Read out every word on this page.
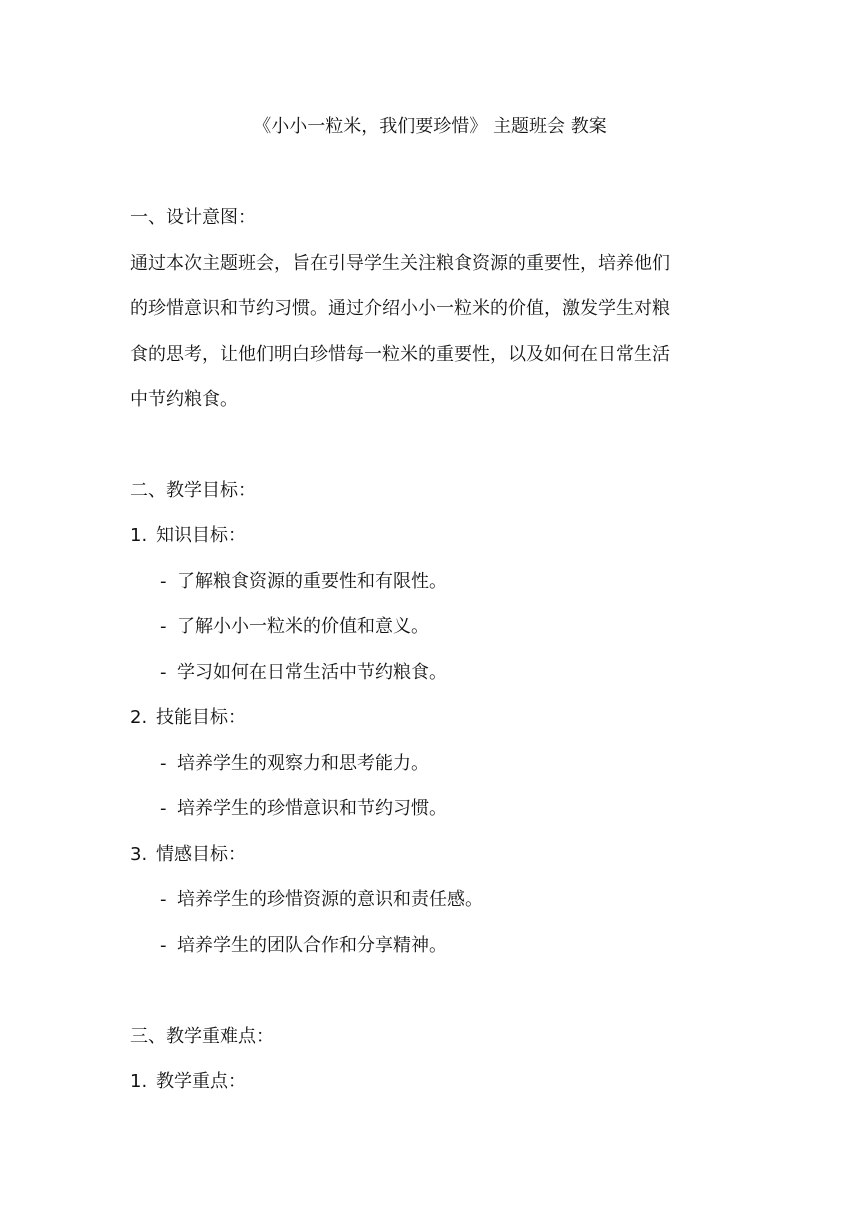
《小小一粒米，我们要珍惜》 主题班会 教案
一、设计意图：
通过本次主题班会，旨在引导学生关注粮食资源的重要性，培养他们
的珍惜意识和节约习惯。通过介绍小小一粒米的价值，激发学生对粮
食的思考，让他们明白珍惜每一粒米的重要性，以及如何在日常生活
中节约粮食。
二、教学目标：
1. 知识目标：
- 了解粮食资源的重要性和有限性。
- 了解小小一粒米的价值和意义。
- 学习如何在日常生活中节约粮食。
2. 技能目标：
- 培养学生的观察力和思考能力。
- 培养学生的珍惜意识和节约习惯。
3. 情感目标：
- 培养学生的珍惜资源的意识和责任感。
- 培养学生的团队合作和分享精神。
三、教学重难点：
1. 教学重点：
